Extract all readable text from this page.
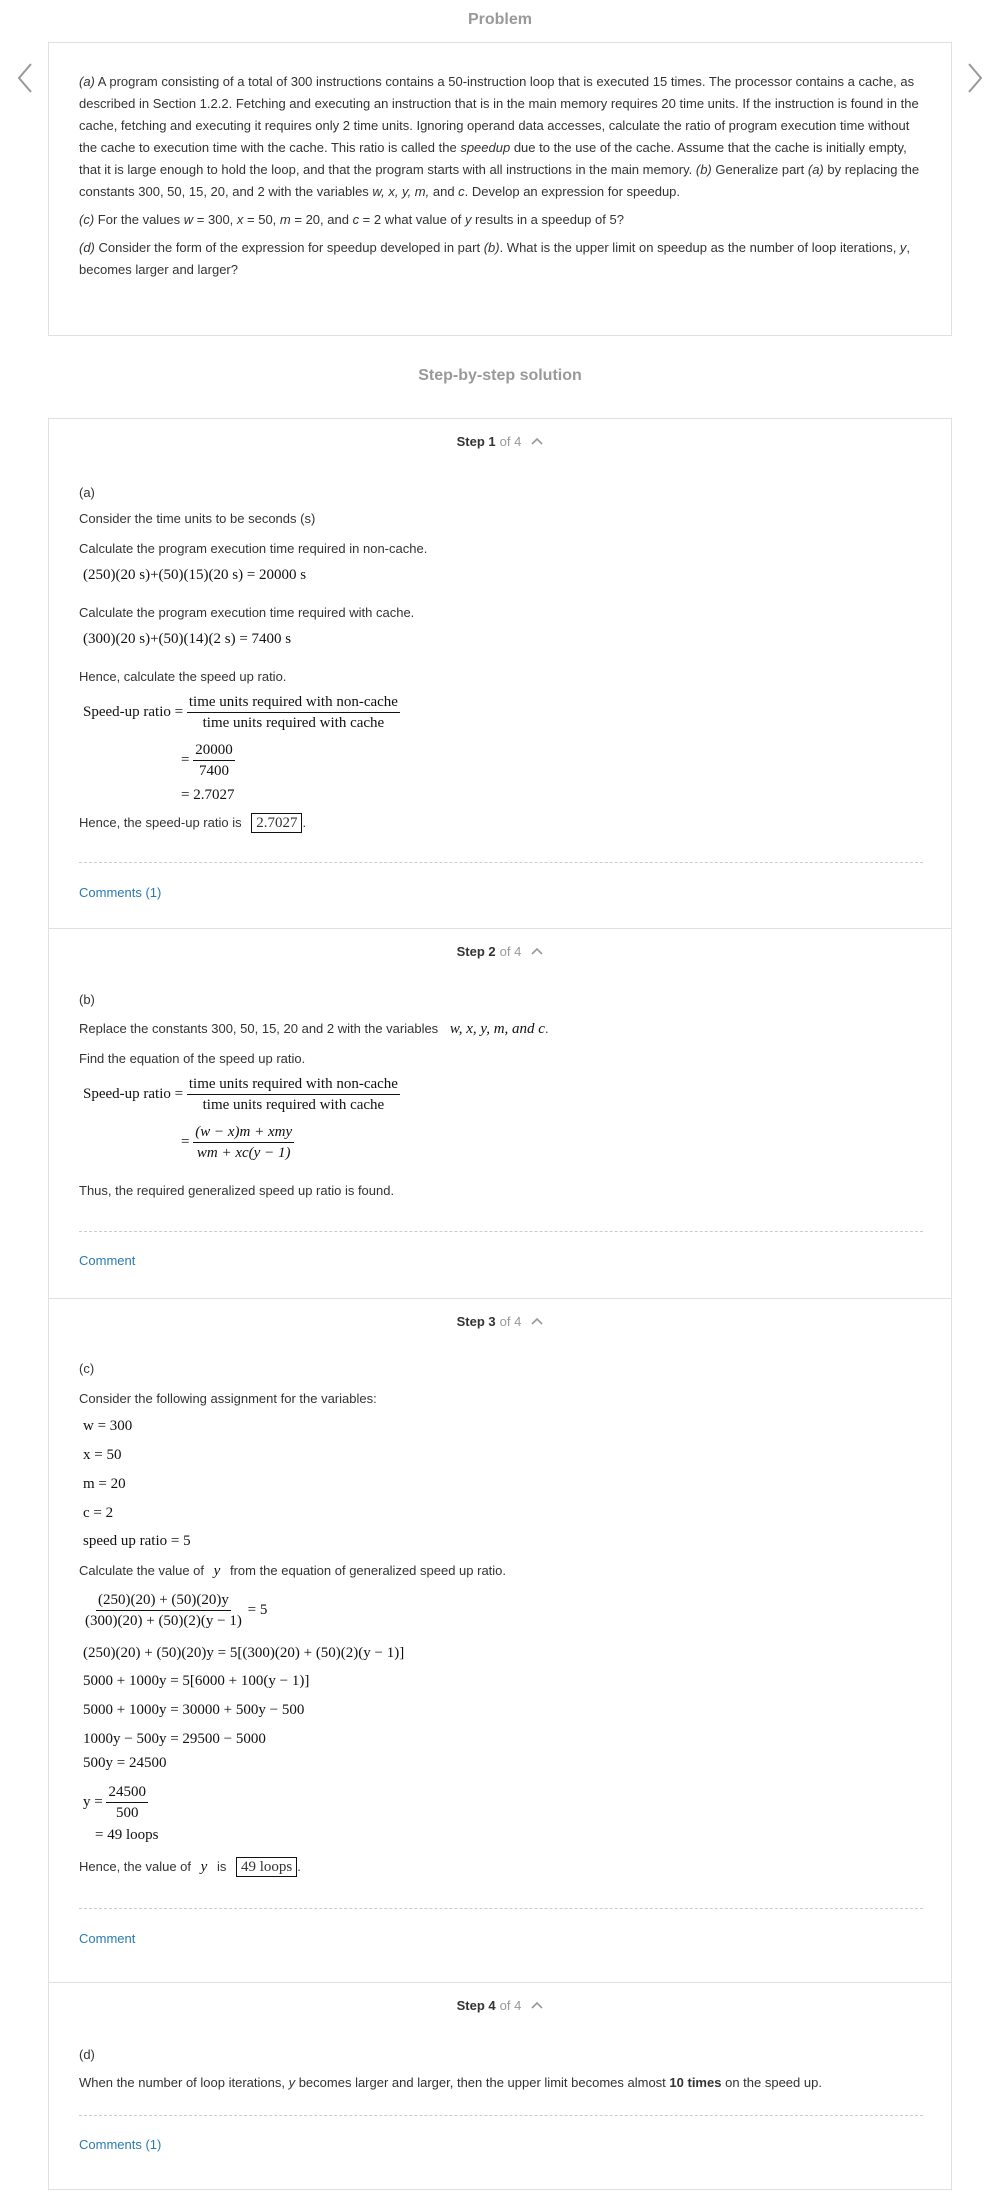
Problem

(a) A program consisting of a total of 300 instructions contains a 50-instruction loop that is executed 15 times. The processor contains a cache, as described in Section 1.2.2. Fetching and executing an instruction that is in the main memory requires 20 time units. If the instruction is found in the cache, fetching and executing it requires only 2 time units. Ignoring operand data accesses, calculate the ratio of program execution time without the cache to execution time with the cache. This ratio is called the speedup due to the use of the cache. Assume that the cache is initially empty, that it is large enough to hold the loop, and that the program starts with all instructions in the main memory. (b) Generalize part (a) by replacing the constants 300, 50, 15, 20, and 2 with the variables w, x, y, m, and c. Develop an expression for speedup.

(c) For the values w = 300, x = 50, m = 20, and c = 2 what value of y results in a speedup of 5?

(d) Consider the form of the expression for speedup developed in part (b). What is the upper limit on speedup as the number of loop iterations, y, becomes larger and larger?

Step-by-step solution
Step 1 of 4
(a)
Consider the time units to be seconds (s)
Calculate the program execution time required in non-cache.
(250)(20 s)+(50)(15)(20 s) = 20000 s
Calculate the program execution time required with cache.
(300)(20 s)+(50)(14)(2 s) = 7400 s
Hence, calculate the speed up ratio.
Speed-up ratio = $\frac{\text{time units required with non-cache}}{\text{time units required with cache}}$
= $\frac{20000}{7400}$
= 2.7027
Hence, the speed-up ratio is 2.7027 .
Comments (1)
Step 2 of 4
(b)
Replace the constants 300, 50, 15, 20 and 2 with the variables w, x, y, m, and c.
Find the equation of the speed up ratio.
Speed-up ratio = $\frac{\text{time units required with non-cache}}{\text{time units required with cache}}$
= $\frac{\text{(w − x)m + xmy}}{wm + xc(y - 1)}$
Thus, the required generalized speed up ratio is found.
Comment
Step 3 of 4
(c)
Consider the following assignment for the variables:
w = 300
x = 50
m = 20
c = 2
speed up ratio = 5
Calculate the value of y from the equation of generalized speed up ratio.
$\frac{(250)(20) + (50)(20)y}{(300)(20) + (50)(2)(y - 1)} = 5$
(250)(20) + (50)(20)y = 5[(300)(20) + (50)(2)(y − 1)]
5000 + 1000y = 5[6000 + 100(y − 1)]
5000 + 1000y = 30000 + 500y − 500
1000y − 500y = 29500 − 5000
500y = 24500
$y = \frac{24500}{500}$
= 49 loops
Hence, the value of y is 49 loops .
Comment
Step 4 of 4
(d)
When the number of loop iterations, y becomes larger and larger, then the upper limit becomes almost 10 times on the speed up.
Comments (1)
